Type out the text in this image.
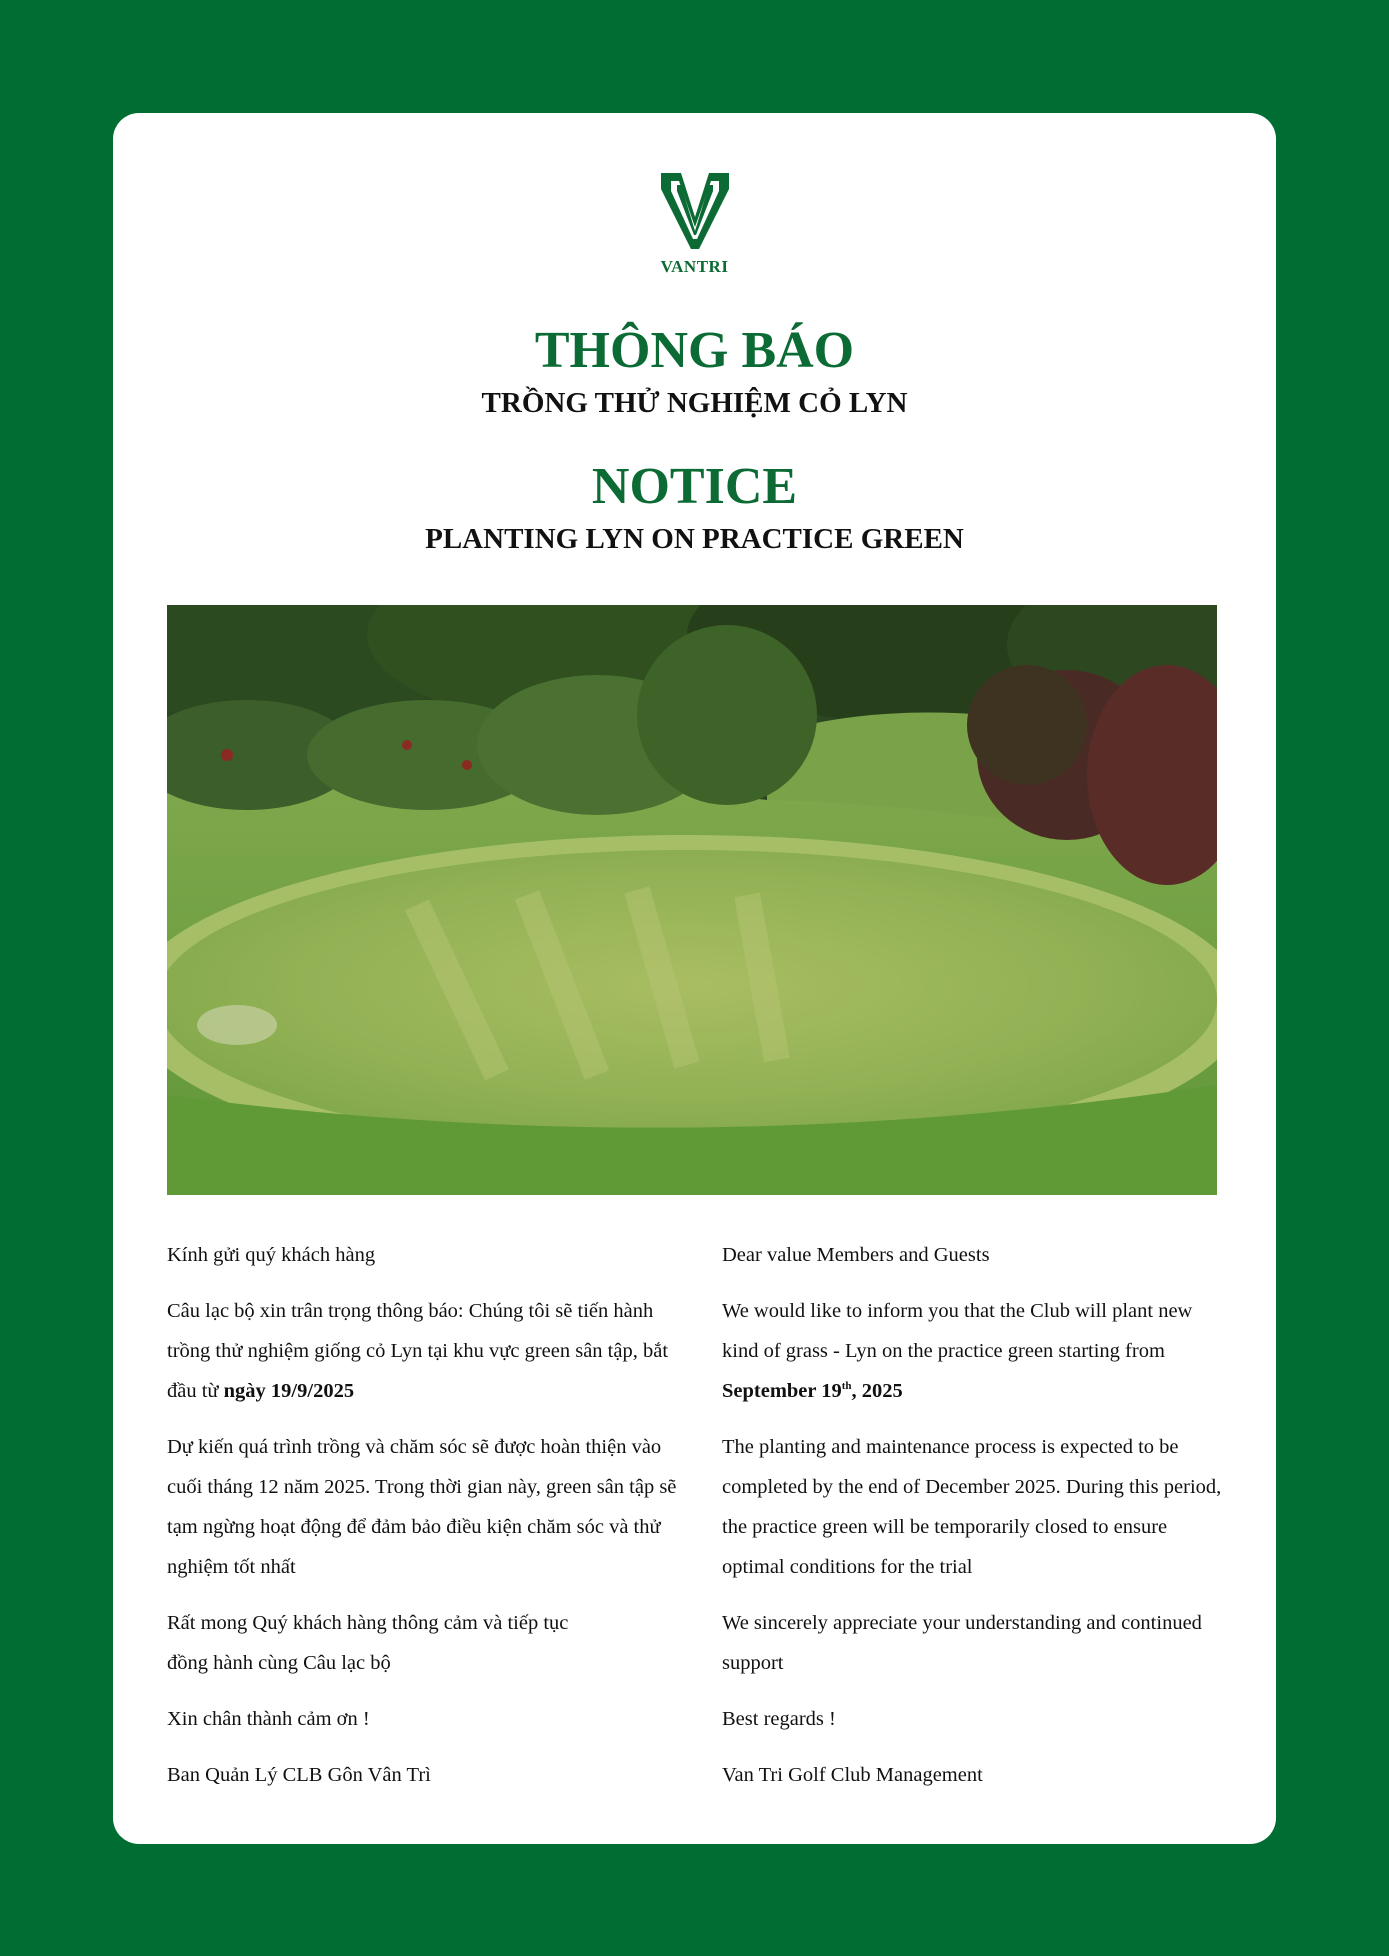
VANTRI
THÔNG BÁO
TRỒNG THỬ NGHIỆM CỎ LYN
NOTICE
PLANTING LYN ON PRACTICE GREEN

Kính gửi quý khách hàng

Câu lạc bộ xin trân trọng thông báo: Chúng tôi sẽ tiến hành trồng thử nghiệm giống cỏ Lyn tại khu vực green sân tập, bắt đầu từ ngày 19/9/2025

Dự kiến quá trình trồng và chăm sóc sẽ được hoàn thiện vào cuối tháng 12 năm 2025. Trong thời gian này, green sân tập sẽ tạm ngừng hoạt động để đảm bảo điều kiện chăm sóc và thử nghiệm tốt nhất

Rất mong Quý khách hàng thông cảm và tiếp tục
đồng hành cùng Câu lạc bộ

Xin chân thành cảm ơn !

Ban Quản Lý CLB Gôn Vân Trì

Dear value Members and Guests

We would like to inform you that the Club will plant new kind of grass - Lyn on the practice green starting from
September 19th, 2025

The planting and maintenance process is expected to be completed by the end of December 2025. During this period, the practice green will be temporarily closed to ensure optimal conditions for the trial

We sincerely appreciate your understanding and continued support

Best regards !

Van Tri Golf Club Management
